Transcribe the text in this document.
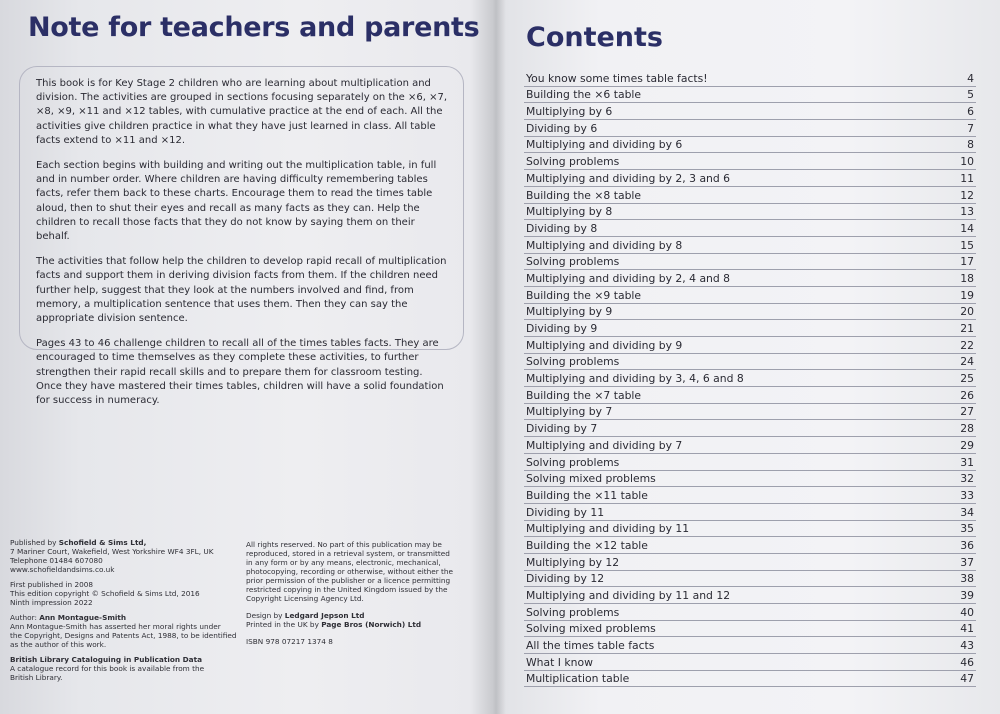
Note for teachers and parents

This book is for Key Stage 2 children who are learning about multiplication and division. The activities are grouped in sections focusing separately on the ×6, ×7, ×8, ×9, ×11 and ×12 tables, with cumulative practice at the end of each. All the activities give children practice in what they have just learned in class. All table facts extend to ×11 and ×12.

Each section begins with building and writing out the multiplication table, in full and in number order. Where children are having difficulty remembering tables facts, refer them back to these charts. Encourage them to read the times table aloud, then to shut their eyes and recall as many facts as they can. Help the children to recall those facts that they do not know by saying them on their behalf.

The activities that follow help the children to develop rapid recall of multiplication facts and support them in deriving division facts from them. If the children need further help, suggest that they look at the numbers involved and find, from memory, a multiplication sentence that uses them. Then they can say the appropriate division sentence.

Pages 43 to 46 challenge children to recall all of the times tables facts. They are encouraged to time themselves as they complete these activities, to further strengthen their rapid recall skills and to prepare them for classroom testing. Once they have mastered their times tables, children will have a solid foundation for success in numeracy.

Published by Schofield & Sims Ltd,

7 Mariner Court, Wakefield, West Yorkshire WF4 3FL, UK
Telephone 01484 607080
www.schofieldandsims.co.uk

First published in 2008
This edition copyright © Schofield & Sims Ltd, 2016
Ninth impression 2022

Author: Ann Montague-Smith

Ann Montague-Smith has asserted her moral rights under
the Copyright, Designs and Patents Act, 1988, to be identified
as the author of this work.

British Library Cataloguing in Publication Data

A catalogue record for this book is available from the
British Library.

All rights reserved. No part of this publication may be
reproduced, stored in a retrieval system, or transmitted
in any form or by any means, electronic, mechanical,
photocopying, recording or otherwise, without either the
prior permission of the publisher or a licence permitting
restricted copying in the United Kingdom issued by the
Copyright Licensing Agency Ltd.

Design by Ledgard Jepson Ltd

Printed in the UK by Page Bros (Norwich) Ltd

ISBN 978 07217 1374 8

Contents
You know some times table facts!	4
Building the ×6 table	5
Multiplying by 6	6
Dividing by 6	7
Multiplying and dividing by 6	8
Solving problems	10
Multiplying and dividing by 2, 3 and 6	11
Building the ×8 table	12
Multiplying by 8	13
Dividing by 8	14
Multiplying and dividing by 8	15
Solving problems	17
Multiplying and dividing by 2, 4 and 8	18
Building the ×9 table	19
Multiplying by 9	20
Dividing by 9	21
Multiplying and dividing by 9	22
Solving problems	24
Multiplying and dividing by 3, 4, 6 and 8	25
Building the ×7 table	26
Multiplying by 7	27
Dividing by 7	28
Multiplying and dividing by 7	29
Solving problems	31
Solving mixed problems	32
Building the ×11 table	33
Dividing by 11	34
Multiplying and dividing by 11	35
Building the ×12 table	36
Multiplying by 12	37
Dividing by 12	38
Multiplying and dividing by 11 and 12	39
Solving problems	40
Solving mixed problems	41
All the times table facts	43
What I know	46
Multiplication table	47
